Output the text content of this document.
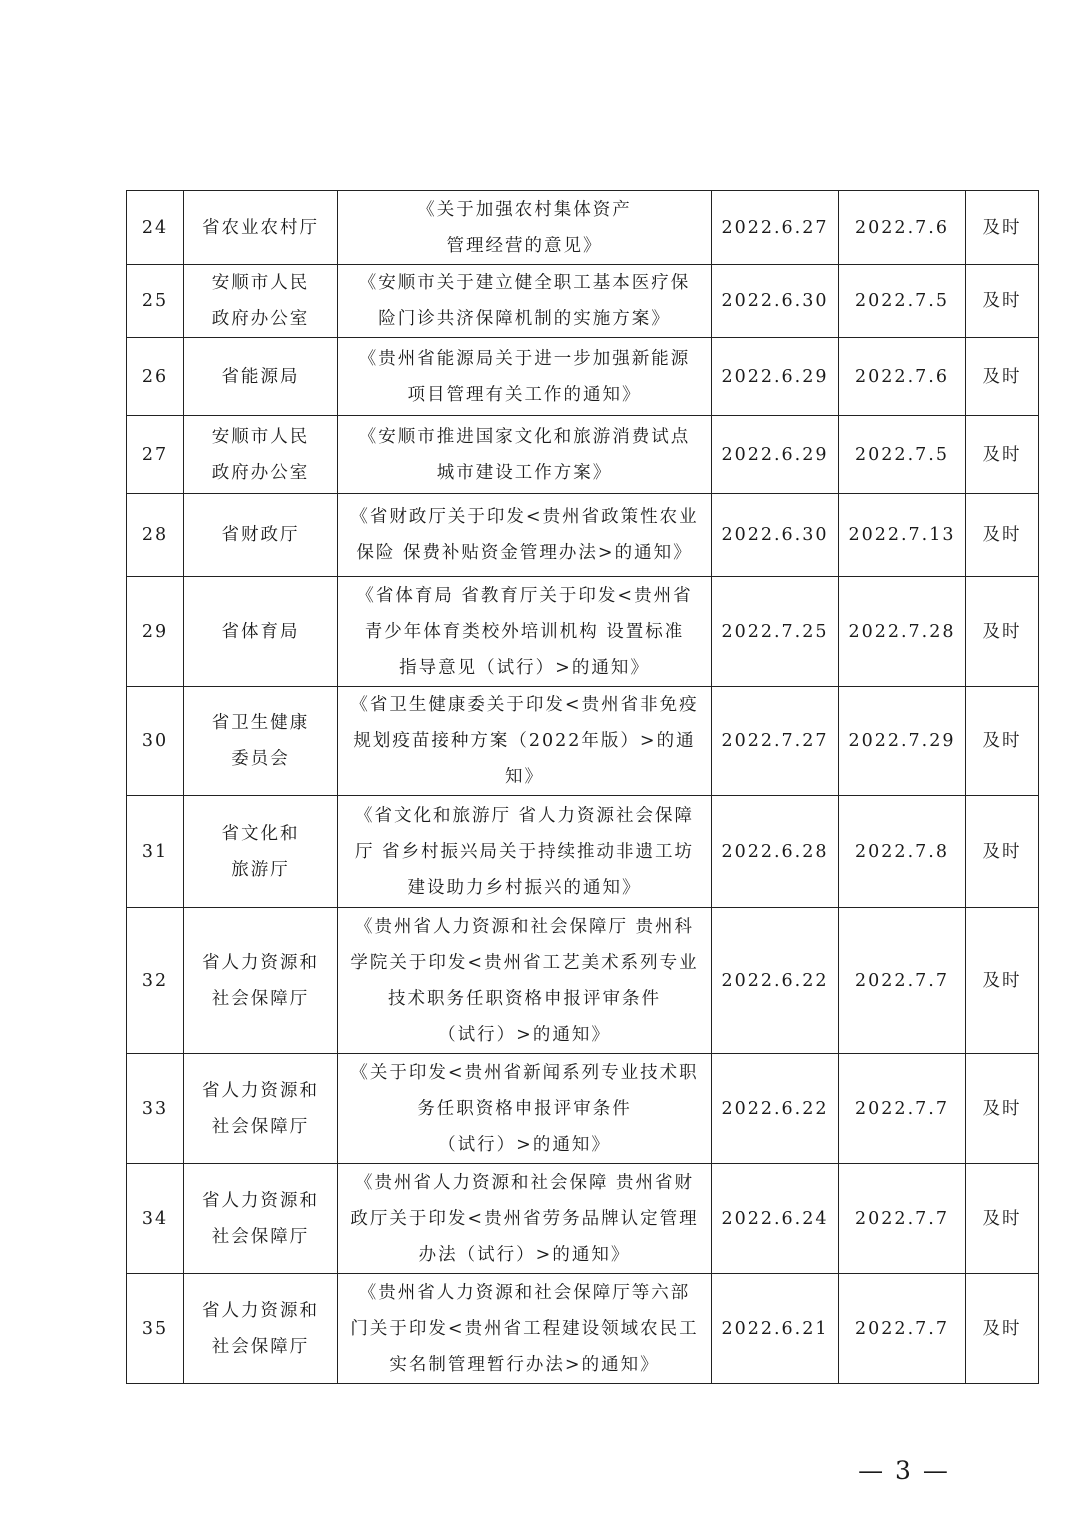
24	省农业农村厅	《关于加强农村集体资产
管理经营的意见》	2022.6.27	2022.7.6	及时
25	安顺市人民
政府办公室	《安顺市关于建立健全职工基本医疗保
险门诊共济保障机制的实施方案》	2022.6.30	2022.7.5	及时
26	省能源局	《贵州省能源局关于进一步加强新能源
项目管理有关工作的通知》	2022.6.29	2022.7.6	及时
27	安顺市人民
政府办公室	《安顺市推进国家文化和旅游消费试点
城市建设工作方案》	2022.6.29	2022.7.5	及时
28	省财政厅	《省财政厅关于印发<贵州省政策性农业
保险 保费补贴资金管理办法>的通知》	2022.6.30	2022.7.13	及时
29	省体育局	《省体育局 省教育厅关于印发<贵州省
青少年体育类校外培训机构 设置标准
指导意见（试行）>的通知》	2022.7.25	2022.7.28	及时
30	省卫生健康
委员会	《省卫生健康委关于印发<贵州省非免疫
规划疫苗接种方案（2022年版）>的通知》	2022.7.27	2022.7.29	及时
31	省文化和
旅游厅	《省文化和旅游厅 省人力资源社会保障
厅 省乡村振兴局关于持续推动非遗工坊
建设助力乡村振兴的通知》	2022.6.28	2022.7.8	及时
32	省人力资源和
社会保障厅	《贵州省人力资源和社会保障厅 贵州科
学院关于印发<贵州省工艺美术系列专业
技术职务任职资格申报评审条件
（试行）>的通知》	2022.6.22	2022.7.7	及时
33	省人力资源和
社会保障厅	《关于印发<贵州省新闻系列专业技术职
务任职资格申报评审条件
（试行）>的通知》	2022.6.22	2022.7.7	及时
34	省人力资源和
社会保障厅	《贵州省人力资源和社会保障 贵州省财
政厅关于印发<贵州省劳务品牌认定管理
办法（试行）>的通知》	2022.6.24	2022.7.7	及时
35	省人力资源和
社会保障厅	《贵州省人力资源和社会保障厅等六部
门关于印发<贵州省工程建设领域农民工
实名制管理暂行办法>的通知》	2022.6.21	2022.7.7	及时
— 3 —
